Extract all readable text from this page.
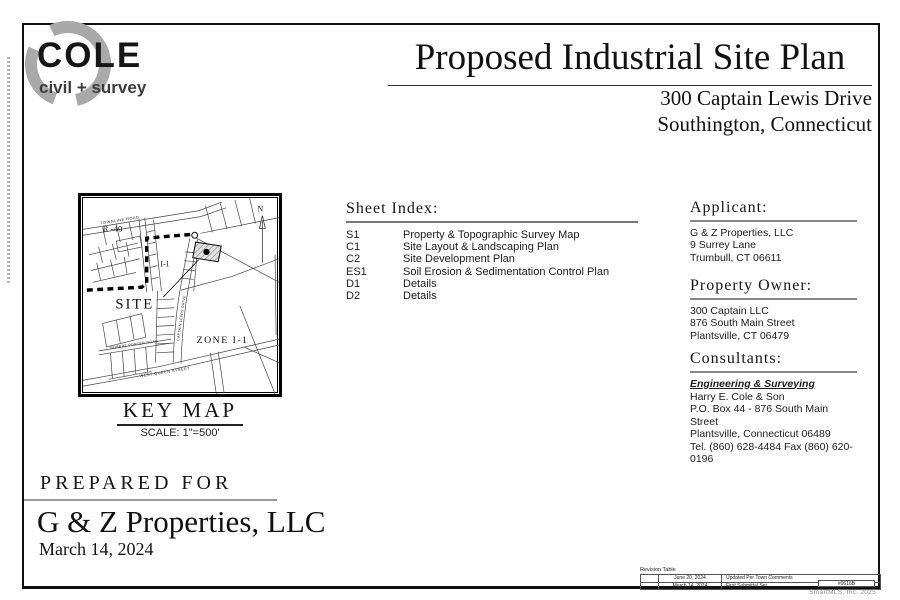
COLE
civil + survey
Proposed Industrial Site Plan
300 Captain Lewis Drive
Southington, Connecticut
N
R -40
I-1
SITE
ZONE I-1
TOWNLINE ROAD
ROBERT PORTER ROAD
CAPTAIN LEWIS DRIVE
WEST QUEEN STREET
KEY MAP
SCALE: 1"=500'
Sheet Index:
S1	Property & Topographic Survey Map
C1	Site Layout & Landscaping Plan
C2	Site Development Plan
ES1	Soil Erosion & Sedimentation Control Plan
D1	Details
D2	Details
Applicant:
G & Z Properties, LLC
9 Surrey Lane
Trumbull, CT 06611
Property Owner:
300 Captain LLC
876 South Main Street
Plantsville, CT 06479
Consultants:
Engineering & Surveying
Harry E. Cole & Son
P.O. Box 44 - 876 South Main Street
Plantsville, Connecticut 06489
Tel. (860) 628-4484 Fax (860) 620-0196
PREPARED FOR
G & Z Properties, LLC
March 14, 2024
Revision Table
June 20, 2024	Updated Per Town Comments
March 14, 2024	First Submittal Set	#0616B
SmartMLS, Inc. 2025
